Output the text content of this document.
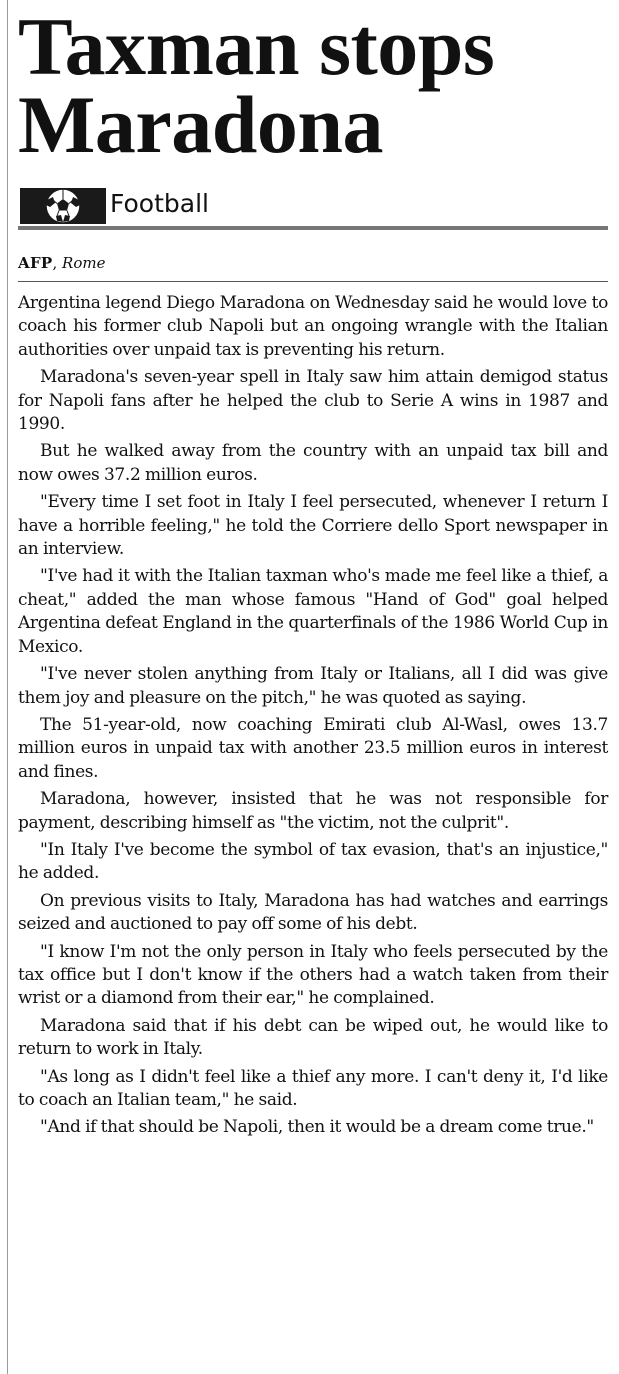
Taxman stops Maradona
Football
AFP, Rome

Argentina legend Diego Maradona on Wednesday said he would love to coach his former club Napoli but an ongoing wrangle with the Italian authorities over unpaid tax is preventing his return.

Maradona's seven-year spell in Italy saw him attain demigod status for Napoli fans after he helped the club to Serie A wins in 1987 and 1990.

But he walked away from the country with an unpaid tax bill and now owes 37.2 million euros.

"Every time I set foot in Italy I feel persecuted, whenever I return I have a horrible feeling," he told the Corriere dello Sport newspaper in an interview.

"I've had it with the Italian taxman who's made me feel like a thief, a cheat," added the man whose famous "Hand of God" goal helped Argentina defeat England in the quarterfinals of the 1986 World Cup in Mexico.

"I've never stolen anything from Italy or Italians, all I did was give them joy and pleasure on the pitch," he was quoted as saying.

The 51-year-old, now coaching Emirati club Al-Wasl, owes 13.7 million euros in unpaid tax with another 23.5 million euros in interest and fines.

Maradona, however, insisted that he was not responsible for payment, describing himself as "the victim, not the culprit".

"In Italy I've become the symbol of tax evasion, that's an injustice," he added.

On previous visits to Italy, Maradona has had watches and earrings seized and auctioned to pay off some of his debt.

"I know I'm not the only person in Italy who feels persecuted by the tax office but I don't know if the others had a watch taken from their wrist or a diamond from their ear," he complained.

Maradona said that if his debt can be wiped out, he would like to return to work in Italy.

"As long as I didn't feel like a thief any more. I can't deny it, I'd like to coach an Italian team," he said.

"And if that should be Napoli, then it would be a dream come true."
